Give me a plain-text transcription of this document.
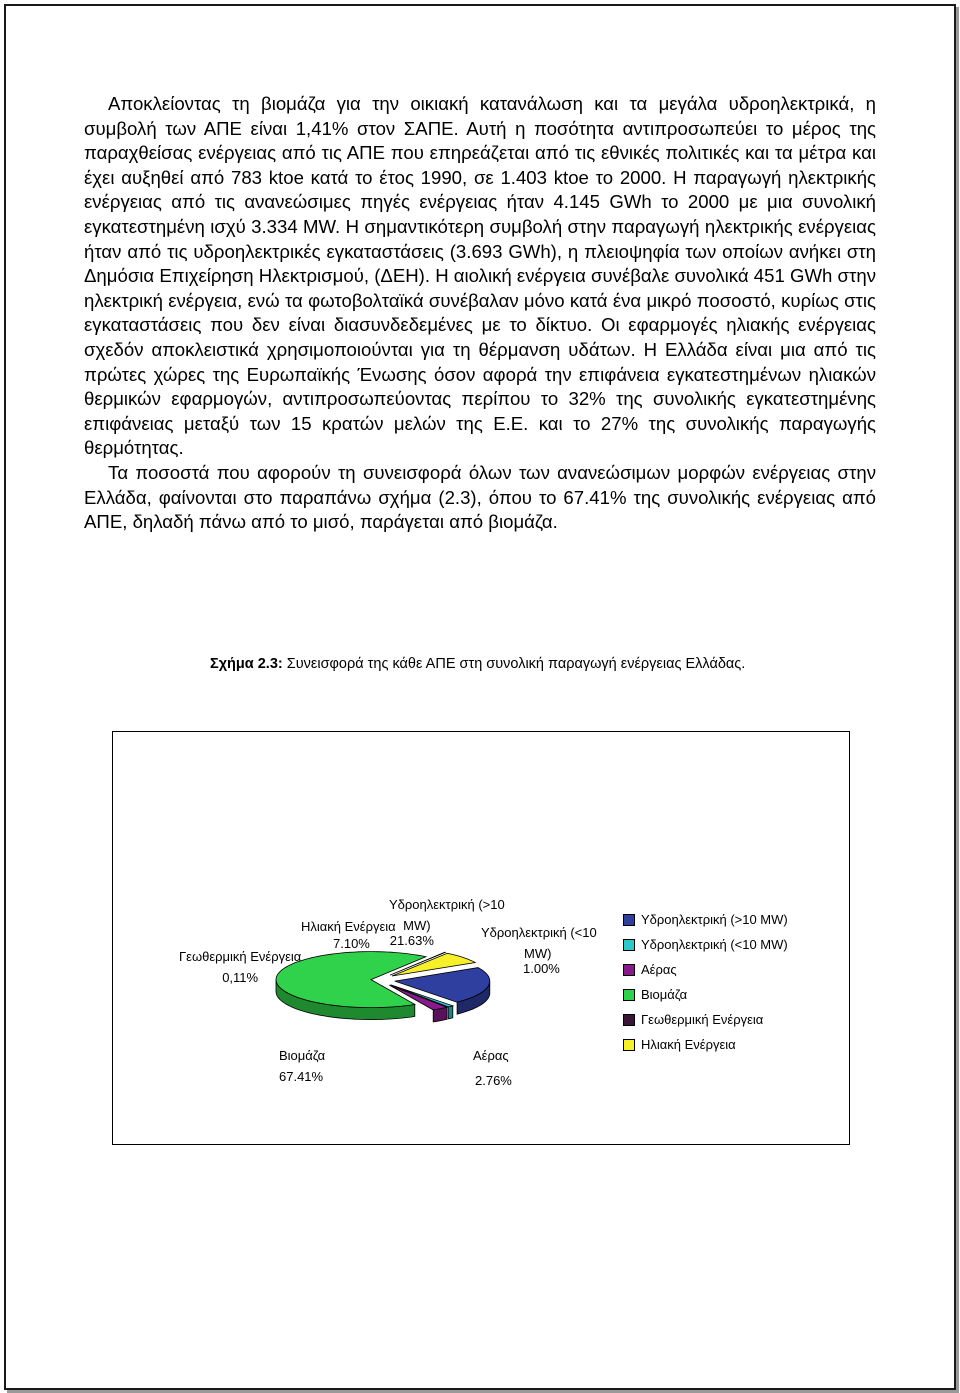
Αποκλείοντας τη βιομάζα για την οικιακή κατανάλωση και τα μεγάλα υδροηλεκτρικά, η συμβολή των ΑΠΕ είναι 1,41% στον ΣΑΠΕ. Αυτή η ποσότητα αντιπροσωπεύει το μέρος της παραχθείσας ενέργειας από τις ΑΠΕ που επηρεάζεται από τις εθνικές πολιτικές και τα μέτρα και έχει αυξηθεί από 783 ktoe κατά το έτος 1990, σε 1.403 ktoe το 2000. Η παραγωγή ηλεκτρικής ενέργειας από τις ανανεώσιμες πηγές ενέργειας ήταν 4.145 GWh το 2000 με μια συνολική εγκατεστημένη ισχύ 3.334 MW. Η σημαντικότερη συμβολή στην παραγωγή ηλεκτρικής ενέργειας ήταν από τις υδροηλεκτρικές εγκαταστάσεις (3.693 GWh), η πλειοψηφία των οποίων ανήκει στη Δημόσια Επιχείρηση Ηλεκτρισμού, (ΔΕΗ). Η αιολική ενέργεια συνέβαλε συνολικά 451 GWh στην ηλεκτρική ενέργεια, ενώ τα φωτοβολταϊκά συνέβαλαν μόνο κατά ένα μικρό ποσοστό, κυρίως στις εγκαταστάσεις που δεν είναι διασυνδεδεμένες με το δίκτυο. Οι εφαρμογές ηλιακής ενέργειας σχεδόν αποκλειστικά χρησιμοποιούνται για τη θέρμανση υδάτων. Η Ελλάδα είναι μια από τις πρώτες χώρες της Ευρωπαϊκής Ένωσης όσον αφορά την επιφάνεια εγκατεστημένων ηλιακών θερμικών εφαρμογών, αντιπροσωπεύοντας περίπου το 32% της συνολικής εγκατεστημένης επιφάνειας μεταξύ των 15 κρατών μελών της Ε.Ε. και το 27% της συνολικής παραγωγής θερμότητας.

Τα ποσοστά που αφορούν τη συνεισφορά όλων των ανανεώσιμων μορφών ενέργειας στην Ελλάδα, φαίνονται στο παραπάνω σχήμα (2.3), όπου το 67.41% της συνολικής ενέργειας από ΑΠΕ, δηλαδή πάνω από το μισό, παράγεται από βιομάζα.

Σχήμα 2.3: Συνεισφορά της κάθε ΑΠΕ στη συνολική παραγωγή ενέργειας Ελλάδας.
Υδροηλεκτρική (>10
MW)
21.63%
Υδροηλεκτρική (<10
MW)
1.00%
Αέρας
2.76%
Βιομάζα
67.41%
Γεωθερμική Ενέργεια
0,11%
Ηλιακή Ενέργεια
7.10%
Υδροηλεκτρική (>10 MW)
Υδροηλεκτρική (<10 MW)
Αέρας
Βιομάζα
Γεωθερμική Ενέργεια
Ηλιακή Ενέργεια
